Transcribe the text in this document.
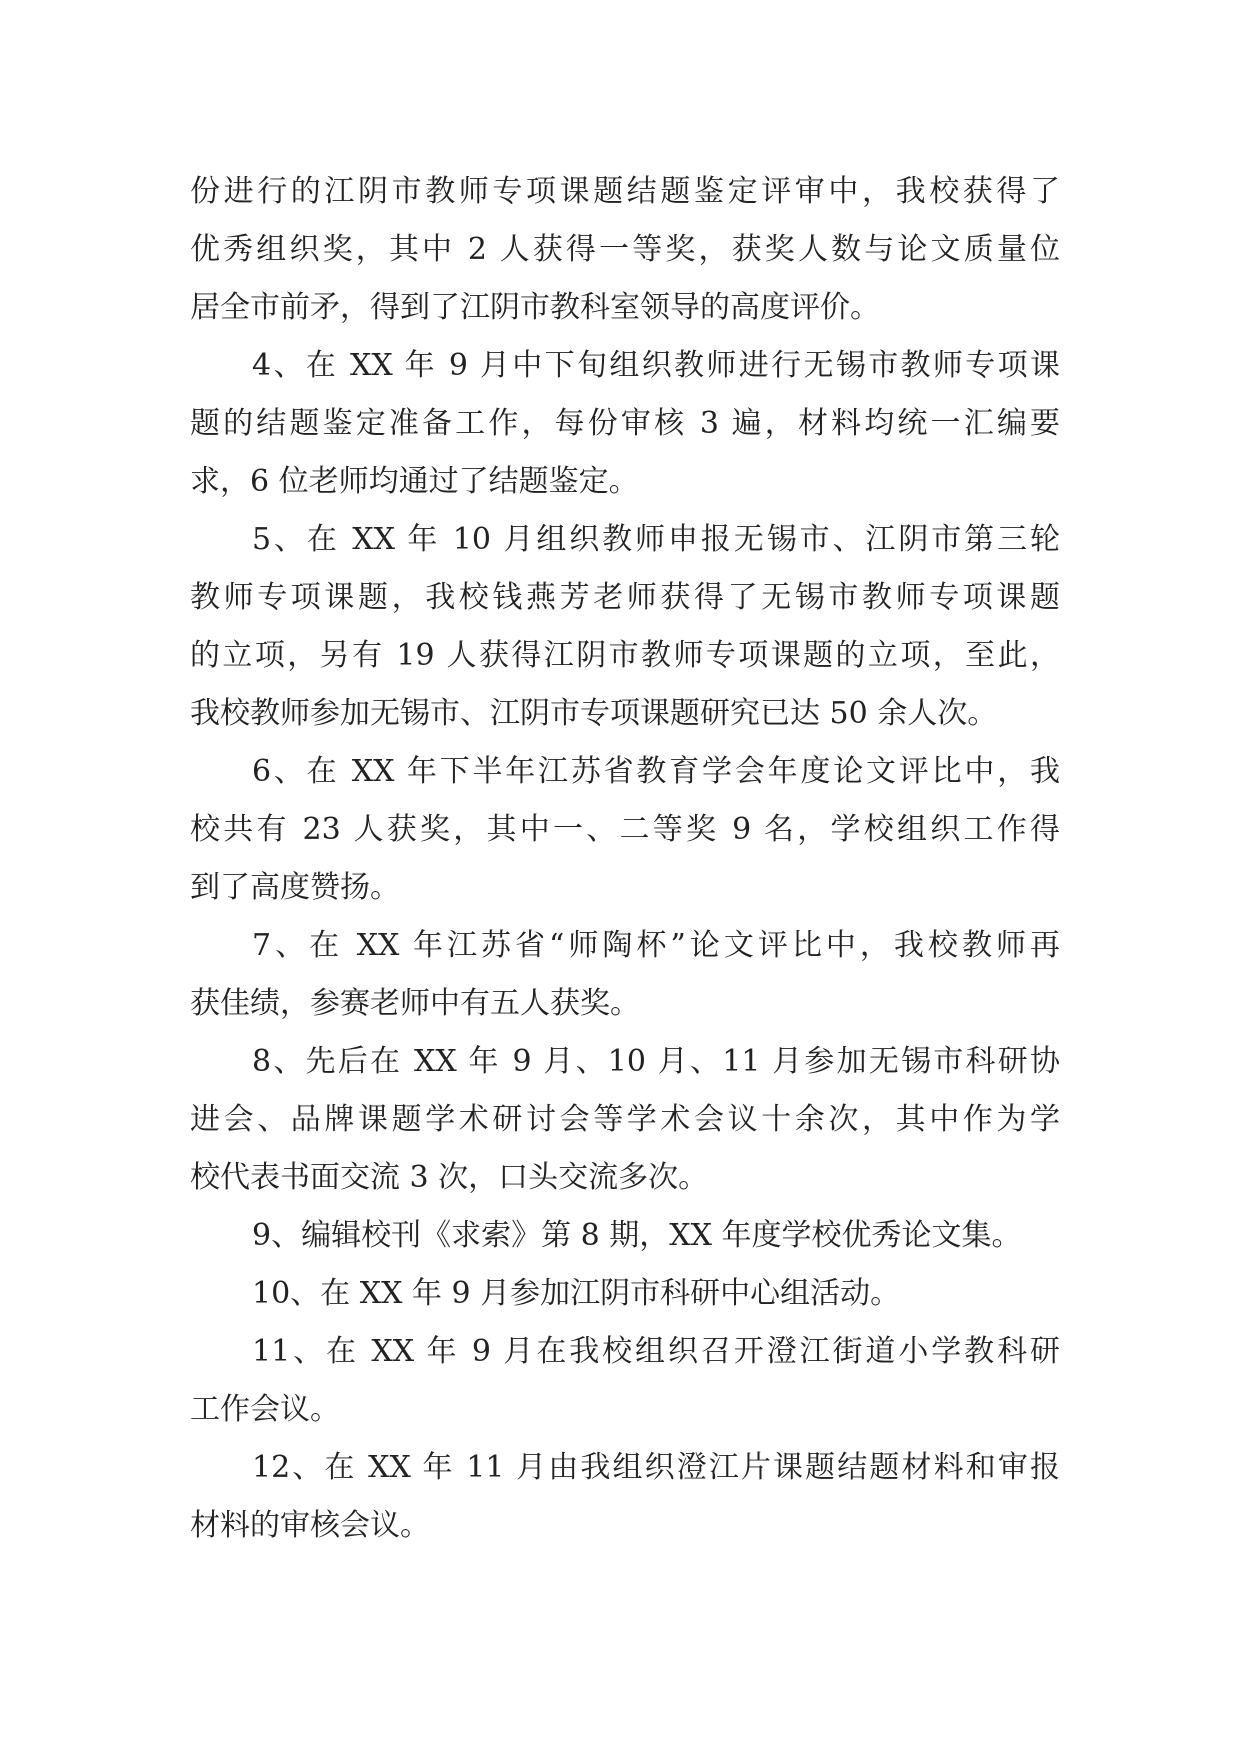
份进行的江阴市教师专项课题结题鉴定评审中，我校获得了
优秀组织奖，其中 2 人获得一等奖，获奖人数与论文质量位
居全市前矛，得到了江阴市教科室领导的高度评价。
4、在 XX 年 9 月中下旬组织教师进行无锡市教师专项课
题的结题鉴定准备工作，每份审核 3 遍，材料均统一汇编要
求，6 位老师均通过了结题鉴定。
5、在 XX 年 10 月组织教师申报无锡市、江阴市第三轮
教师专项课题，我校钱燕芳老师获得了无锡市教师专项课题
的立项，另有 19 人获得江阴市教师专项课题的立项，至此，
我校教师参加无锡市、江阴市专项课题研究已达 50 余人次。
6、在 XX 年下半年江苏省教育学会年度论文评比中，我
校共有 23 人获奖，其中一、二等奖 9 名，学校组织工作得
到了高度赞扬。
7、在 XX 年江苏省“师陶杯”论文评比中，我校教师再
获佳绩，参赛老师中有五人获奖。
8、先后在 XX 年 9 月、10 月、11 月参加无锡市科研协
进会、品牌课题学术研讨会等学术会议十余次，其中作为学
校代表书面交流 3 次，口头交流多次。
9、编辑校刊《求索》第 8 期，XX 年度学校优秀论文集。
10、在 XX 年 9 月参加江阴市科研中心组活动。
11、在 XX 年 9 月在我校组织召开澄江街道小学教科研
工作会议。
12、在 XX 年 11 月由我组织澄江片课题结题材料和审报
材料的审核会议。
